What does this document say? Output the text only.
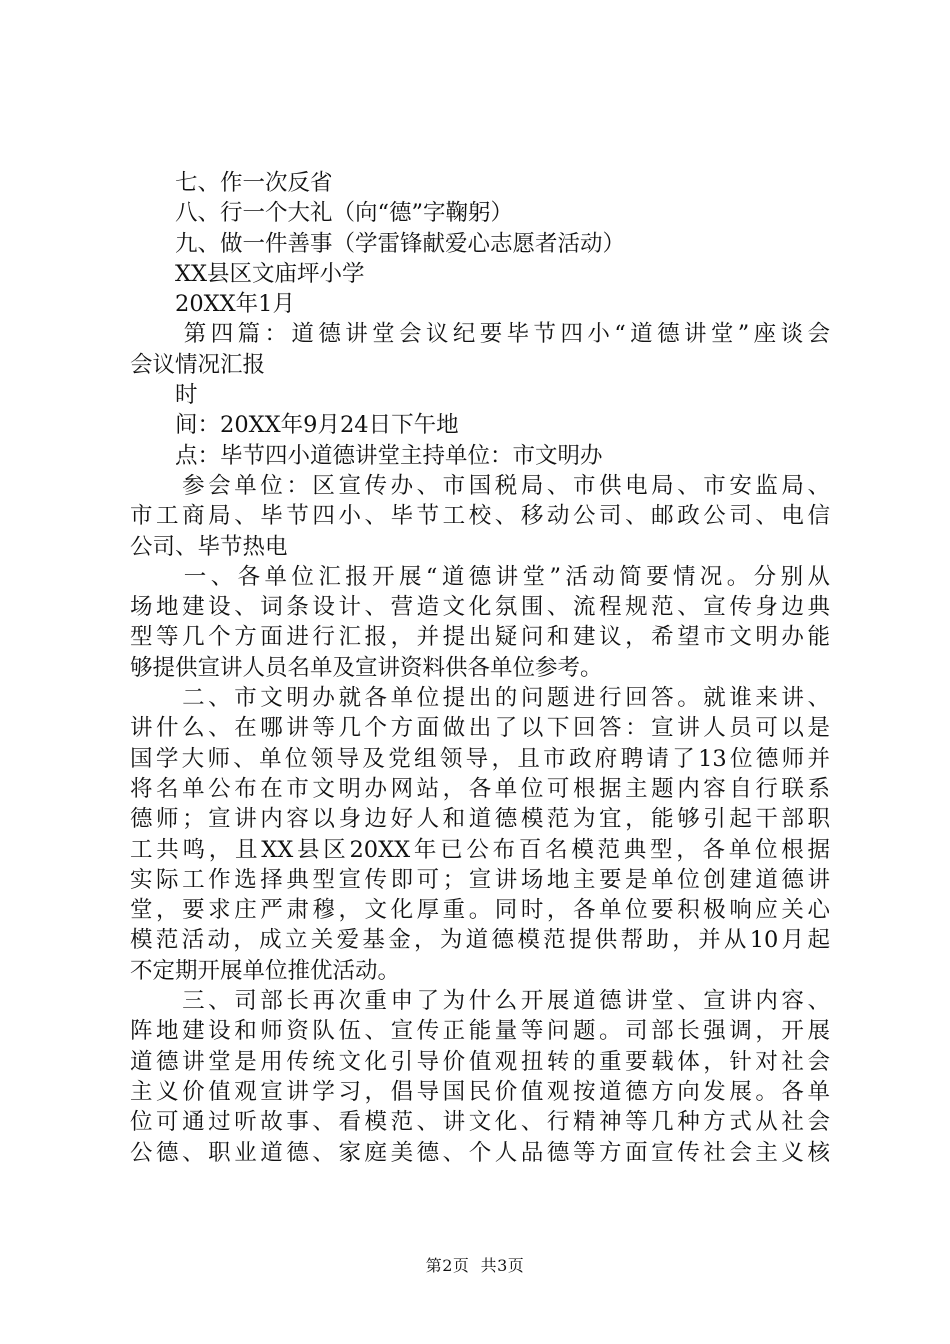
　　七、作一次反省

　　八、行一个大礼（向“德”字鞠躬）

　　九、做一件善事（学雷锋献爱心志愿者活动）

　　XX县区文庙坪小学

　　20XX年1月

　　第四篇：道德讲堂会议纪要毕节四小“道德讲堂”座谈会

会议情况汇报

　　时

　　间：20XX年9月24日下午地

　　点：毕节四小道德讲堂主持单位：市文明办

　　参会单位：区宣传办、市国税局、市供电局、市安监局、

市工商局、毕节四小、毕节工校、移动公司、邮政公司、电信

公司、毕节热电

　　一、各单位汇报开展“道德讲堂”活动简要情况。分别从

场地建设、词条设计、营造文化氛围、流程规范、宣传身边典

型等几个方面进行汇报，并提出疑问和建议，希望市文明办能

够提供宣讲人员名单及宣讲资料供各单位参考。

　　二、市文明办就各单位提出的问题进行回答。就谁来讲、

讲什么、在哪讲等几个方面做出了以下回答：宣讲人员可以是

国学大师、单位领导及党组领导，且市政府聘请了13位德师并

将名单公布在市文明办网站，各单位可根据主题内容自行联系

德师；宣讲内容以身边好人和道德模范为宜，能够引起干部职

工共鸣，且XX县区20XX年已公布百名模范典型，各单位根据

实际工作选择典型宣传即可；宣讲场地主要是单位创建道德讲

堂，要求庄严肃穆，文化厚重。同时，各单位要积极响应关心

模范活动，成立关爱基金，为道德模范提供帮助，并从10月起

不定期开展单位推优活动。

　　三、司部长再次重申了为什么开展道德讲堂、宣讲内容、

阵地建设和师资队伍、宣传正能量等问题。司部长强调，开展

道德讲堂是用传统文化引导价值观扭转的重要载体，针对社会

主义价值观宣讲学习，倡导国民价值观按道德方向发展。各单

位可通过听故事、看模范、讲文化、行精神等几种方式从社会

公德、职业道德、家庭美德、个人品德等方面宣传社会主义核

第2页  共3页
